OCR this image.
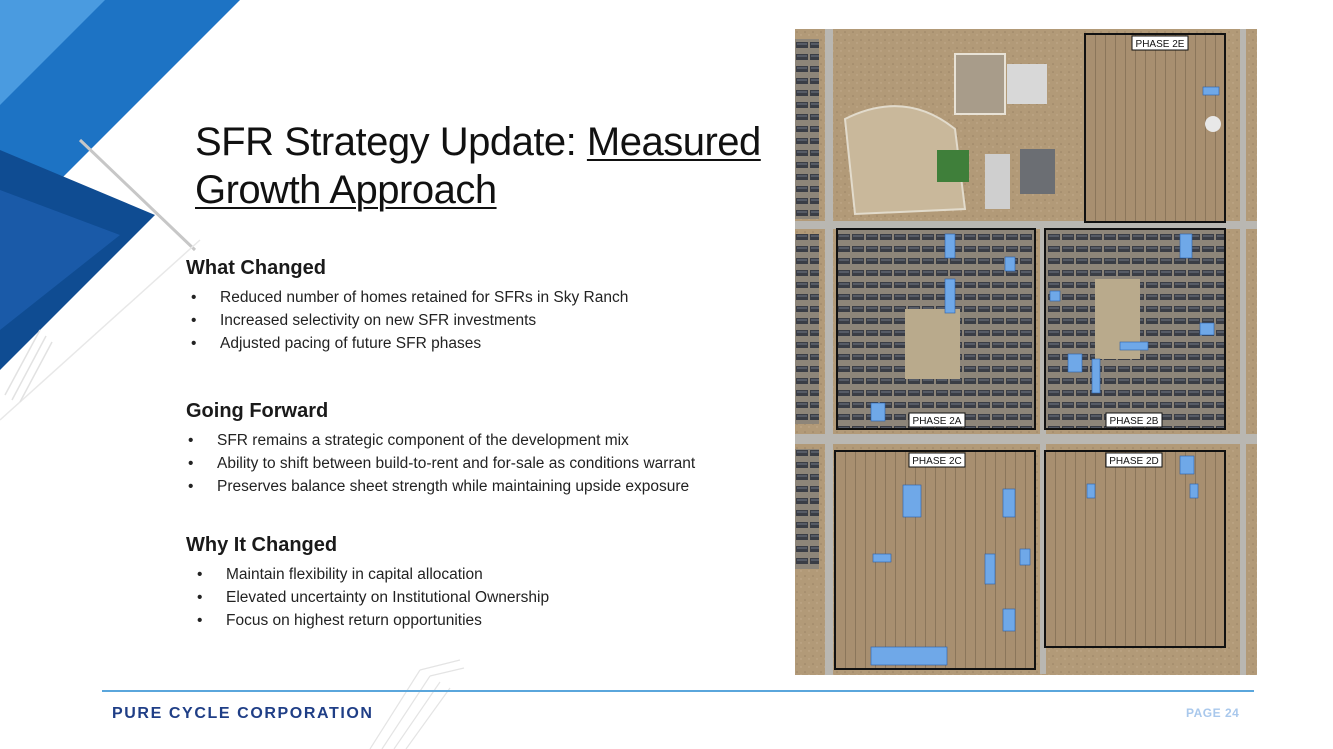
SFR Strategy Update: Measured Growth Approach
What Changed
• Reduced number of homes retained for SFRs in Sky Ranch
• Increased selectivity on new SFR investments
• Adjusted pacing of future SFR phases
Going Forward
• SFR remains a strategic component of the development mix
• Ability to shift between build-to-rent and for-sale as conditions warrant
• Preserves balance sheet strength while maintaining upside exposure
Why It Changed
• Maintain flexibility in capital allocation
• Elevated uncertainty on Institutional Ownership
• Focus on highest return opportunities
PHASE 2E
PHASE 2A	PHASE 2B
PHASE 2C	PHASE 2D
PURE CYCLE CORPORATION	PAGE 24
